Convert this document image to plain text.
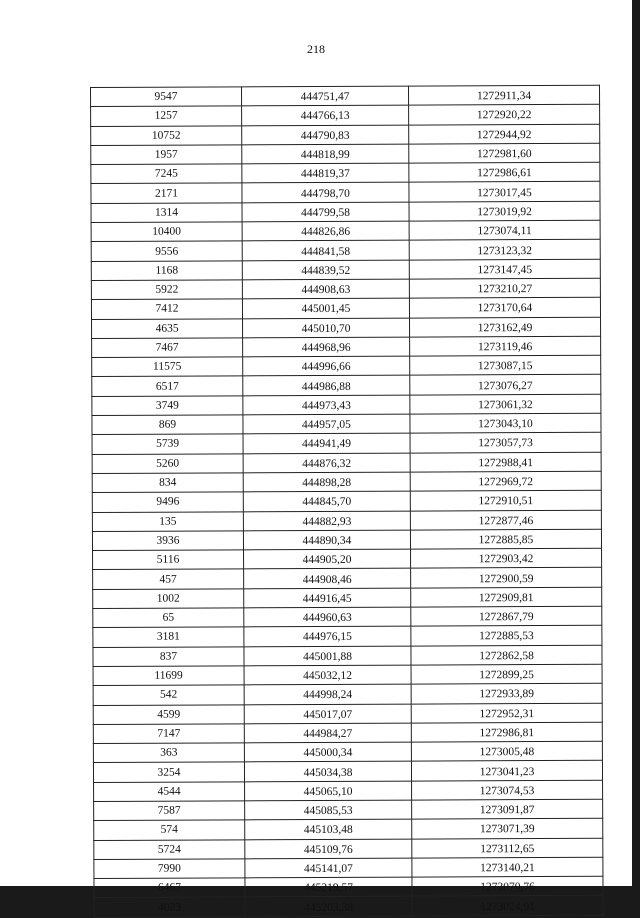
218
9547	444751,47	1272911,34
1257	444766,13	1272920,22
10752	444790,83	1272944,92
1957	444818,99	1272981,60
7245	444819,37	1272986,61
2171	444798,70	1273017,45
1314	444799,58	1273019,92
10400	444826,86	1273074,11
9556	444841,58	1273123,32
1168	444839,52	1273147,45
5922	444908,63	1273210,27
7412	445001,45	1273170,64
4635	445010,70	1273162,49
7467	444968,96	1273119,46
11575	444996,66	1273087,15
6517	444986,88	1273076,27
3749	444973,43	1273061,32
869	444957,05	1273043,10
5739	444941,49	1273057,73
5260	444876,32	1272988,41
834	444898,28	1272969,72
9496	444845,70	1272910,51
135	444882,93	1272877,46
3936	444890,34	1272885,85
5116	444905,20	1272903,42
457	444908,46	1272900,59
1002	444916,45	1272909,81
65	444960,63	1272867,79
3181	444976,15	1272885,53
837	445001,88	1272862,58
11699	445032,12	1272899,25
542	444998,24	1272933,89
4599	445017,07	1272952,31
7147	444984,27	1272986,81
363	445000,34	1273005,48
3254	445034,38	1273041,23
4544	445065,10	1273074,53
7587	445085,53	1273091,87
574	445103,48	1273071,39
5724	445109,76	1273112,65
7990	445141,07	1273140,21
6467	445219,57	1273070,76
4023	445203,38	1273024,91
